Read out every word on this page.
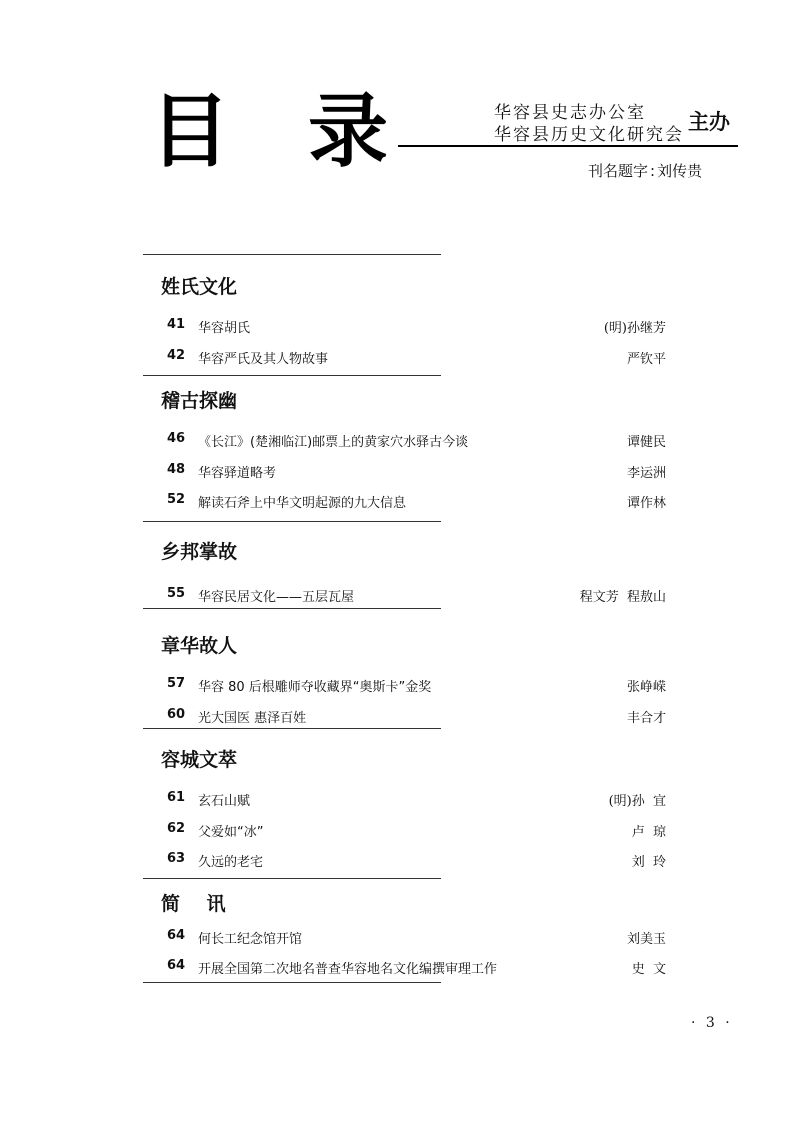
目 录	华容县史志办公室
华容县历史文化研究会
主办
刊名题字 : 刘传贵
姓氏文化
41 华容胡氏	(明)孙继芳
42 华容严氏及其人物故事	严钦平
稽古探幽
46 《长江》(楚湘临江)邮票上的黄家穴水驿古今谈	谭健民
48 华容驿道略考	李运洲
52 解读石斧上中华文明起源的九大信息	谭作林
乡邦掌故
55 华容民居文化——五层瓦屋	程文芳  程敖山
章华故人
57 华容 80 后根雕师夺收藏界“奥斯卡”金奖	张峥嵘
60 光大国医 惠泽百姓	丰合才
容城文萃
61 玄石山赋	(明)孙  宜
62 父爱如“冰”	卢  琼
63 久远的老宅	刘  玲
简    讯
64 何长工纪念馆开馆	刘美玉
64 开展全国第二次地名普查华容地名文化编撰审理工作	史  文
· 3 ·
